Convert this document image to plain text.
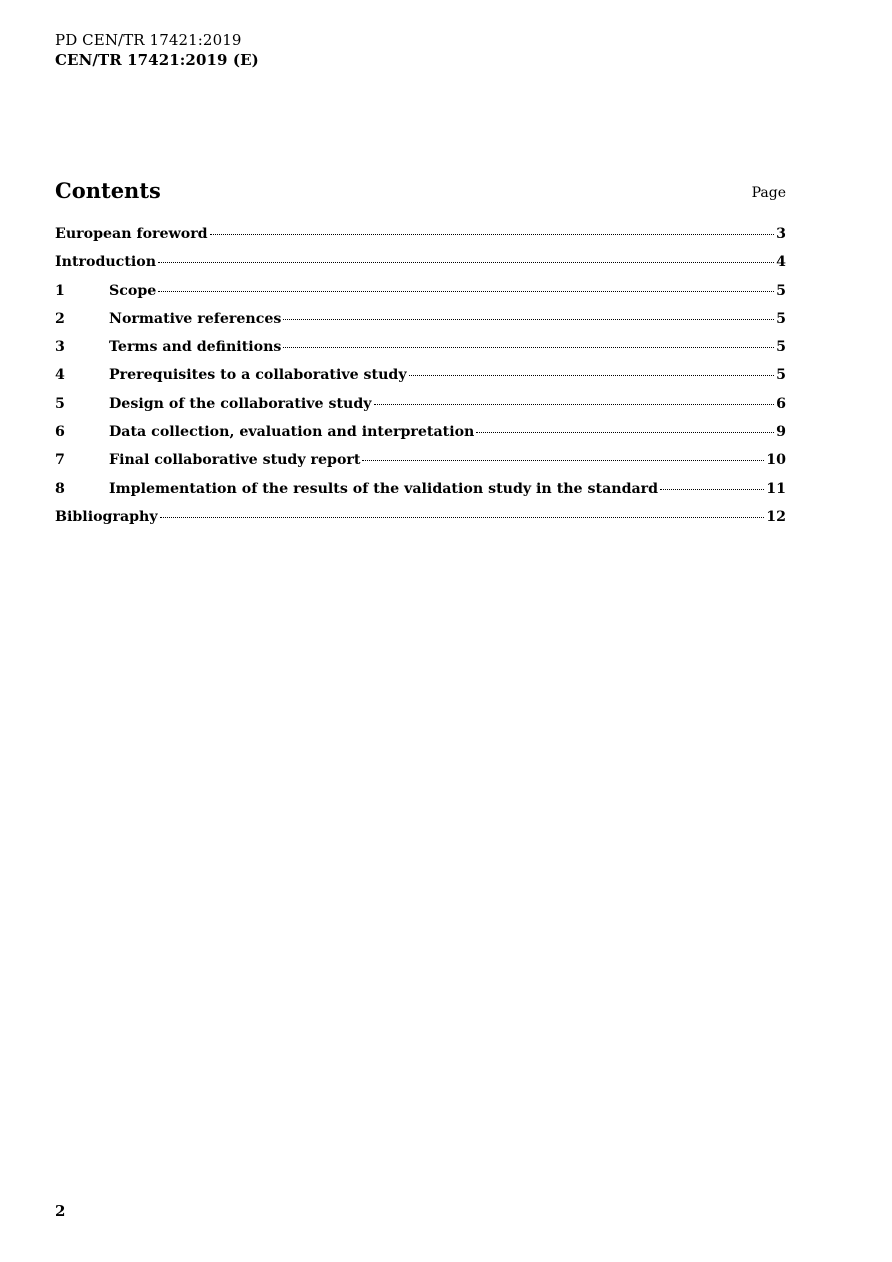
PD CEN/TR 17421:2019
CEN/TR 17421:2019 (E)
Contents	Page
European foreword	3
Introduction	4
1	Scope	5
2	Normative references	5
3	Terms and definitions	5
4	Prerequisites to a collaborative study	5
5	Design of the collaborative study	6
6	Data collection, evaluation and interpretation	9
7	Final collaborative study report	10
8	Implementation of the results of the validation study in the standard	11
Bibliography	12
2
